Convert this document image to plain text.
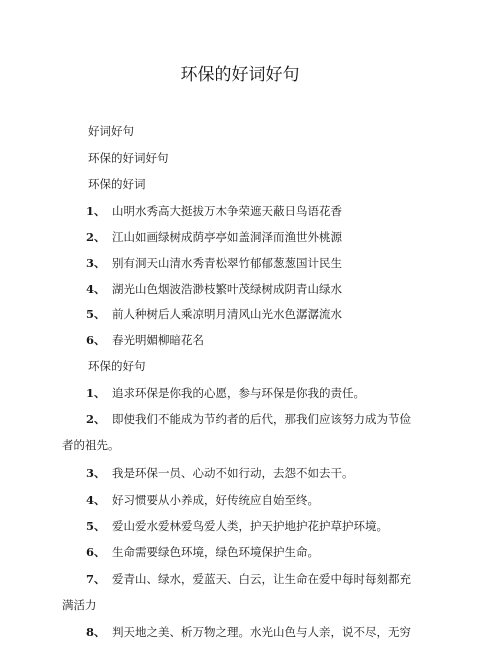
环保的好词好句
好词好句
环保的好词好句
环保的好词
1、 山明水秀高大挺拔万木争荣遮天蔽日鸟语花香
2、 江山如画绿树成荫亭亭如盖洞泽而渔世外桃源
3、 别有洞天山清水秀青松翠竹郁郁葱葱国计民生
4、 湖光山色烟波浩渺枝繁叶茂绿树成阴青山绿水
5、 前人种树后人乘凉明月清风山光水色潺潺流水
6、 春光明媚柳暗花名
环保的好句
1、 追求环保是你我的心愿，参与环保是你我的责任。
2、 即使我们不能成为节约者的后代，那我们应该努力成为节俭
者的祖先。
3、 我是环保一员、心动不如行动，去怨不如去干。
4、 好习惯要从小养成，好传统应自始至终。
5、 爱山爱水爱林爱鸟爱人类，护天护地护花护草护环境。
6、 生命需要绿色环境，绿色环境保护生命。
7、 爱青山、绿水，爱蓝天、白云，让生命在爱中每时每刻都充
满活力
8、 判天地之美、析万物之理。水光山色与人亲，说不尽，无穷
